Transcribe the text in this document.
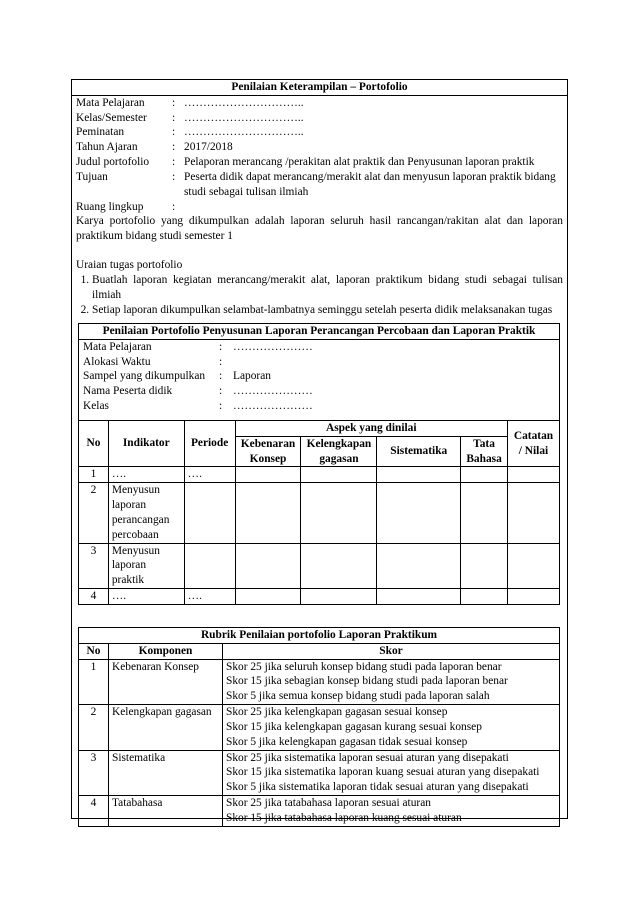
Penilaian Keterampilan – Portofolio
Mata Pelajaran	: …………………………..
Kelas/Semester	: …………………………..
Peminatan	: …………………………..
Tahun Ajaran	: 2017/2018
Judul portofolio	: Pelaporan merancang /perakitan alat praktik dan Penyusunan laporan praktik
Tujuan	: Peserta didik dapat merancang/merakit alat dan menyusun laporan praktik bidang studi sebagai tulisan ilmiah
Ruang lingkup	:
Karya portofolio yang dikumpulkan adalah laporan seluruh hasil rancangan/rakitan alat dan laporan praktikum bidang studi semester 1
Uraian tugas portofolio
1. Buatlah laporan kegiatan merancang/merakit alat, laporan praktikum bidang studi sebagai tulisan ilmiah
2. Setiap laporan dikumpulkan selambat-lambatnya seminggu setelah peserta didik melaksanakan tugas
Penilaian Portofolio Penyusunan Laporan Perancangan Percobaan dan Laporan Praktik
Mata Pelajaran	: …………………
Alokasi Waktu	:
Sampel yang dikumpulkan	: Laporan
Nama Peserta didik	: …………………
Kelas	: …………………
No	Indikator	Periode	Aspek yang dinilai				Catatan / Nilai
			Kebenaran Konsep	Kelengkapan gagasan	Sistematika	Tata Bahasa	
1	….	….					
2	Menyusun laporan perancangan percobaan						
3	Menyusun laporan praktik						
4	….	….					
Rubrik Penilaian portofolio Laporan Praktikum
No	Komponen	Skor
1	Kebenaran Konsep	Skor 25 jika seluruh konsep bidang studi pada laporan benar
Skor 15 jika sebagian konsep bidang studi pada laporan benar
Skor 5 jika semua konsep bidang studi pada laporan salah

2	Kelengkapan gagasan	Skor 25 jika kelengkapan gagasan sesuai konsep
Skor 15 jika kelengkapan gagasan kurang sesuai konsep
Skor 5 jika kelengkapan gagasan tidak sesuai konsep

3	Sistematika	Skor 25 jika sistematika laporan sesuai aturan yang disepakati
Skor 15 jika sistematika laporan kuang sesuai aturan yang disepakati
Skor 5 jika sistematika laporan tidak sesuai aturan yang disepakati

4	Tatabahasa	Skor 25 jika tatabahasa laporan sesuai aturan
Skor 15 jika tatabahasa laporan kuang sesuai aturan
